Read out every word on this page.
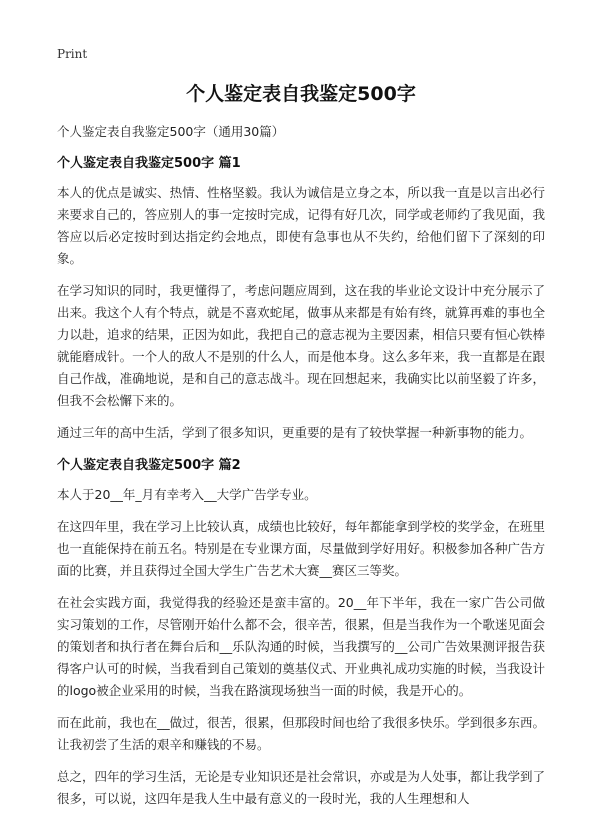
Print

个人鉴定表自我鉴定500字

个人鉴定表自我鉴定500字（通用30篇）

个人鉴定表自我鉴定500字 篇1

本人的优点是诚实、热情、性格坚毅。我认为诚信是立身之本，所以我一直是以言出必行来要求自己的，答应别人的事一定按时完成，记得有好几次，同学或老师约了我见面，我答应以后必定按时到达指定约会地点，即使有急事也从不失约，给他们留下了深刻的印象。

在学习知识的同时，我更懂得了，考虑问题应周到，这在我的毕业论文设计中充分展示了出来。我这个人有个特点，就是不喜欢蛇尾，做事从来都是有始有终，就算再难的事也全力以赴，追求的结果，正因为如此，我把自己的意志视为主要因素，相信只要有恒心铁棒就能磨成针。一个人的敌人不是别的什么人，而是他本身。这么多年来，我一直都是在跟自己作战，准确地说，是和自己的意志战斗。现在回想起来，我确实比以前坚毅了许多，但我不会松懈下来的。

通过三年的高中生活，学到了很多知识，更重要的是有了较快掌握一种新事物的能力。

个人鉴定表自我鉴定500字 篇2

本人于20__年_月有幸考入__大学广告学专业。

在这四年里，我在学习上比较认真，成绩也比较好，每年都能拿到学校的奖学金，在班里也一直能保持在前五名。特别是在专业课方面，尽量做到学好用好。积极参加各种广告方面的比赛，并且获得过全国大学生广告艺术大赛__赛区三等奖。

在社会实践方面，我觉得我的经验还是蛮丰富的。20__年下半年，我在一家广告公司做实习策划的工作，尽管刚开始什么都不会，很辛苦，很累，但是当我作为一个歌迷见面会的策划者和执行者在舞台后和__乐队沟通的时候，当我撰写的__公司广告效果测评报告获得客户认可的时候，当我看到自己策划的奠基仪式、开业典礼成功实施的时候，当我设计的logo被企业采用的时候，当我在路演现场独当一面的时候，我是开心的。

而在此前，我也在__做过，很苦，很累，但那段时间也给了我很多快乐。学到很多东西。让我初尝了生活的艰辛和赚钱的不易。

总之，四年的学习生活，无论是专业知识还是社会常识，亦或是为人处事，都让我学到了很多，可以说，这四年是我人生中最有意义的一段时光，我的人生理想和人
